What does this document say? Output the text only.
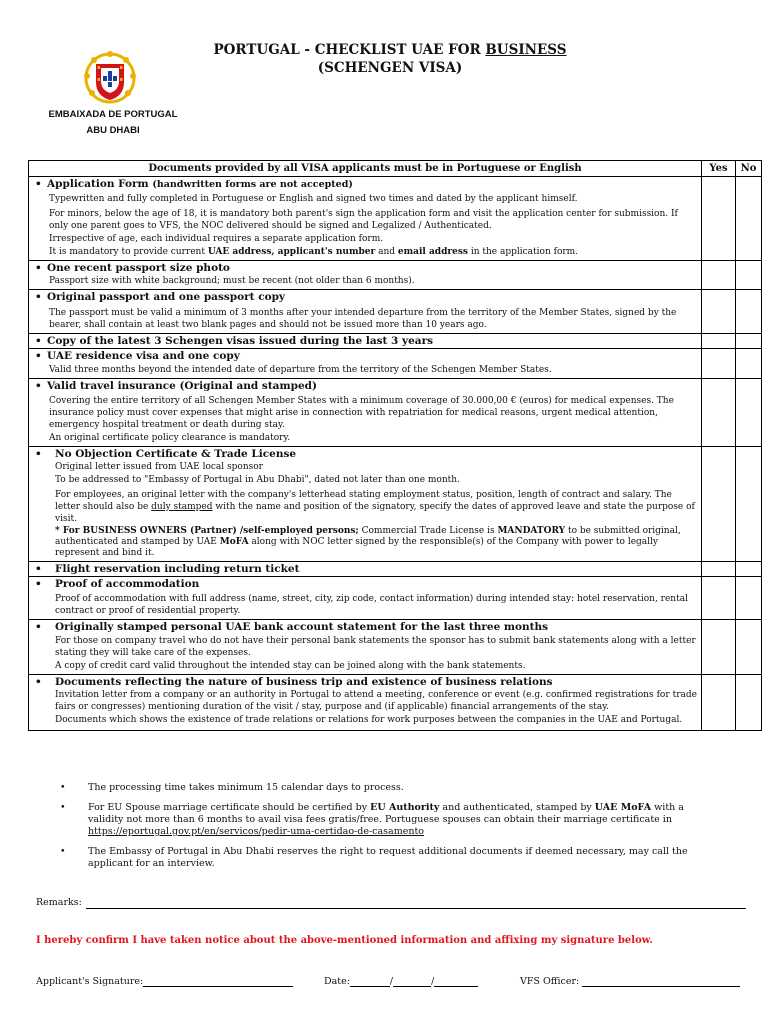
EMBAIXADA DE PORTUGAL
ABU DHABI
PORTUGAL - CHECKLIST UAE FOR BUSINESS
(SCHENGEN VISA)
Documents provided by all VISA applicants must be in Portuguese or English	Yes	No

• Application Form (handwritten forms are not accepted)

Typewritten and fully completed in Portuguese or English and signed two times and dated by the applicant himself.

For minors, below the age of 18, it is mandatory both parent's sign the application form and visit the application center for submission. If only one parent goes to VFS, the NOC delivered should be signed and Legalized / Authenticated.

Irrespective of age, each individual requires a separate application form.

It is mandatory to provide current UAE address, applicant's number and email address in the application form.		

• One recent passport size photo

Passport size with white background; must be recent (not older than 6 months).		

• Original passport and one passport copy

The passport must be valid a minimum of 3 months after your intended departure from the territory of the Member States, signed by the bearer, shall contain at least two blank pages and should not be issued more than 10 years ago.		

• Copy of the latest 3 Schengen visas issued during the last 3 years		

• UAE residence visa and one copy

Valid three months beyond the intended date of departure from the territory of the Schengen Member States.		

• Valid travel insurance (Original and stamped)

Covering the entire territory of all Schengen Member States with a minimum coverage of 30.000,00 € (euros) for medical expenses. The insurance policy must cover expenses that might arise in connection with repatriation for medical reasons, urgent medical attention, emergency hospital treatment or death during stay.

An original certificate policy clearance is mandatory.		

• No Objection Certificate & Trade License

Original letter issued from UAE local sponsor

To be addressed to "Embassy of Portugal in Abu Dhabi", dated not later than one month.

For employees, an original letter with the company's letterhead stating employment status, position, length of contract and salary. The letter should also be duly stamped with the name and position of the signatory, specify the dates of approved leave and state the purpose of visit.

* For BUSINESS OWNERS (Partner) /self-employed persons; Commercial Trade License is MANDATORY to be submitted original, authenticated and stamped by UAE MoFA along with NOC letter signed by the responsible(s) of the Company with power to legally represent and bind it.		

• Flight reservation including return ticket		

• Proof of accommodation

Proof of accommodation with full address (name, street, city, zip code, contact information) during intended stay: hotel reservation, rental contract or proof of residential property.		

• Originally stamped personal UAE bank account statement for the last three months

For those on company travel who do not have their personal bank statements the sponsor has to submit bank statements along with a letter stating they will take care of the expenses.

A copy of credit card valid throughout the intended stay can be joined along with the bank statements.		

• Documents reflecting the nature of business trip and existence of business relations

Invitation letter from a company or an authority in Portugal to attend a meeting, conference or event (e.g. confirmed registrations for trade fairs or congresses) mentioning duration of the visit / stay, purpose and (if applicable) financial arrangements of the stay.

Documents which shows the existence of trade relations or relations for work purposes between the companies in the UAE and Portugal.		

• The processing time takes minimum 15 calendar days to process.
• For EU Spouse marriage certificate should be certified by EU Authority and authenticated, stamped by UAE MoFA with a validity not more than 6 months to avail visa fees gratis/free. Portuguese spouses can obtain their marriage certificate in https://eportugal.gov.pt/en/servicos/pedir-uma-certidao-de-casamento
• The Embassy of Portugal in Abu Dhabi reserves the right to request additional documents if deemed necessary, may call the applicant for an interview.
Remarks:
I hereby confirm I have taken notice about the above-mentioned information and affixing my signature below.
Applicant's Signature:	Date:	/	/	VFS Officer:
